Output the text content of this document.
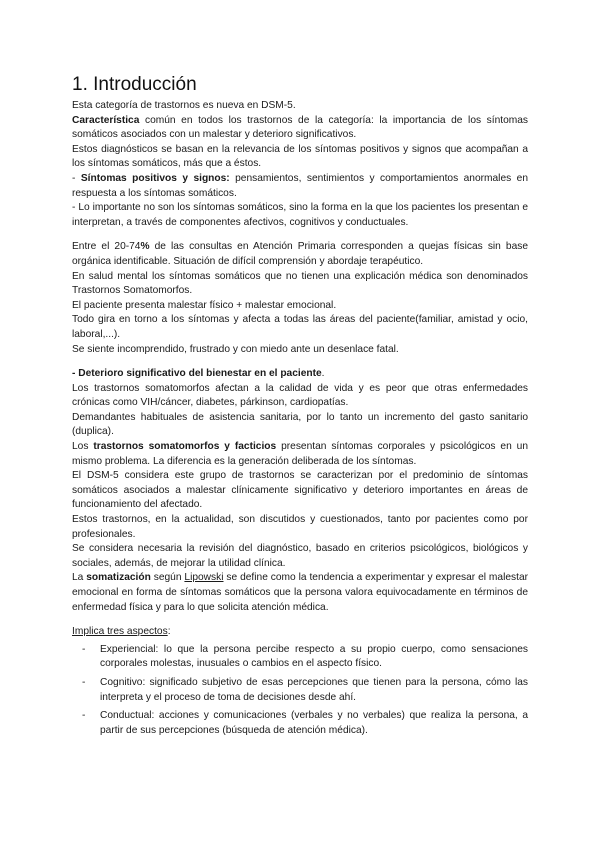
1. Introducción

Esta categoría de trastornos es nueva en DSM-5.

Característica común en todos los trastornos de la categoría: la importancia de los síntomas somáticos asociados con un malestar y deterioro significativos.

Estos diagnósticos se basan en la relevancia de los síntomas positivos y signos que acompañan a los síntomas somáticos, más que a éstos.

- Síntomas positivos y signos: pensamientos, sentimientos y comportamientos anormales en respuesta a los síntomas somáticos.

- Lo importante no son los síntomas somáticos, sino la forma en la que los pacientes los presentan e interpretan, a través de componentes afectivos, cognitivos y conductuales.

Entre el 20-74% de las consultas en Atención Primaria corresponden a quejas físicas sin base orgánica identificable. Situación de difícil comprensión y abordaje terapéutico.

En salud mental los síntomas somáticos que no tienen una explicación médica son denominados Trastornos Somatomorfos.

El paciente presenta malestar físico + malestar emocional.

Todo gira en torno a los síntomas y afecta a todas las áreas del paciente(familiar, amistad y ocio, laboral,...).

Se siente incomprendido, frustrado y con miedo ante un desenlace fatal.

- Deterioro significativo del bienestar en el paciente.

Los trastornos somatomorfos afectan a la calidad de vida y es peor que otras enfermedades crónicas como VIH/cáncer, diabetes, párkinson, cardiopatías.

Demandantes habituales de asistencia sanitaria, por lo tanto un incremento del gasto sanitario (duplica).

Los trastornos somatomorfos y facticios presentan síntomas corporales y psicológicos en un mismo problema. La diferencia es la generación deliberada de los síntomas.

El DSM-5 considera este grupo de trastornos se caracterizan por el predominio de síntomas somáticos asociados a malestar clínicamente significativo y deterioro importantes en áreas de funcionamiento del afectado.

Estos trastornos, en la actualidad, son discutidos y cuestionados, tanto por pacientes como por profesionales.

Se considera necesaria la revisión del diagnóstico, basado en criterios psicológicos, biológicos y sociales, además, de mejorar la utilidad clínica.

La somatización según Lipowski se define como la tendencia a experimentar y expresar el malestar emocional en forma de síntomas somáticos que la persona valora equivocadamente en términos de enfermedad física y para lo que solicita atención médica.

Implica tres aspectos:

- Experiencial: lo que la persona percibe respecto a su propio cuerpo, como sensaciones corporales molestas, inusuales o cambios en el aspecto físico.
- Cognitivo: significado subjetivo de esas percepciones que tienen para la persona, cómo las interpreta y el proceso de toma de decisiones desde ahí.
- Conductual: acciones y comunicaciones (verbales y no verbales) que realiza la persona, a partir de sus percepciones (búsqueda de atención médica).
